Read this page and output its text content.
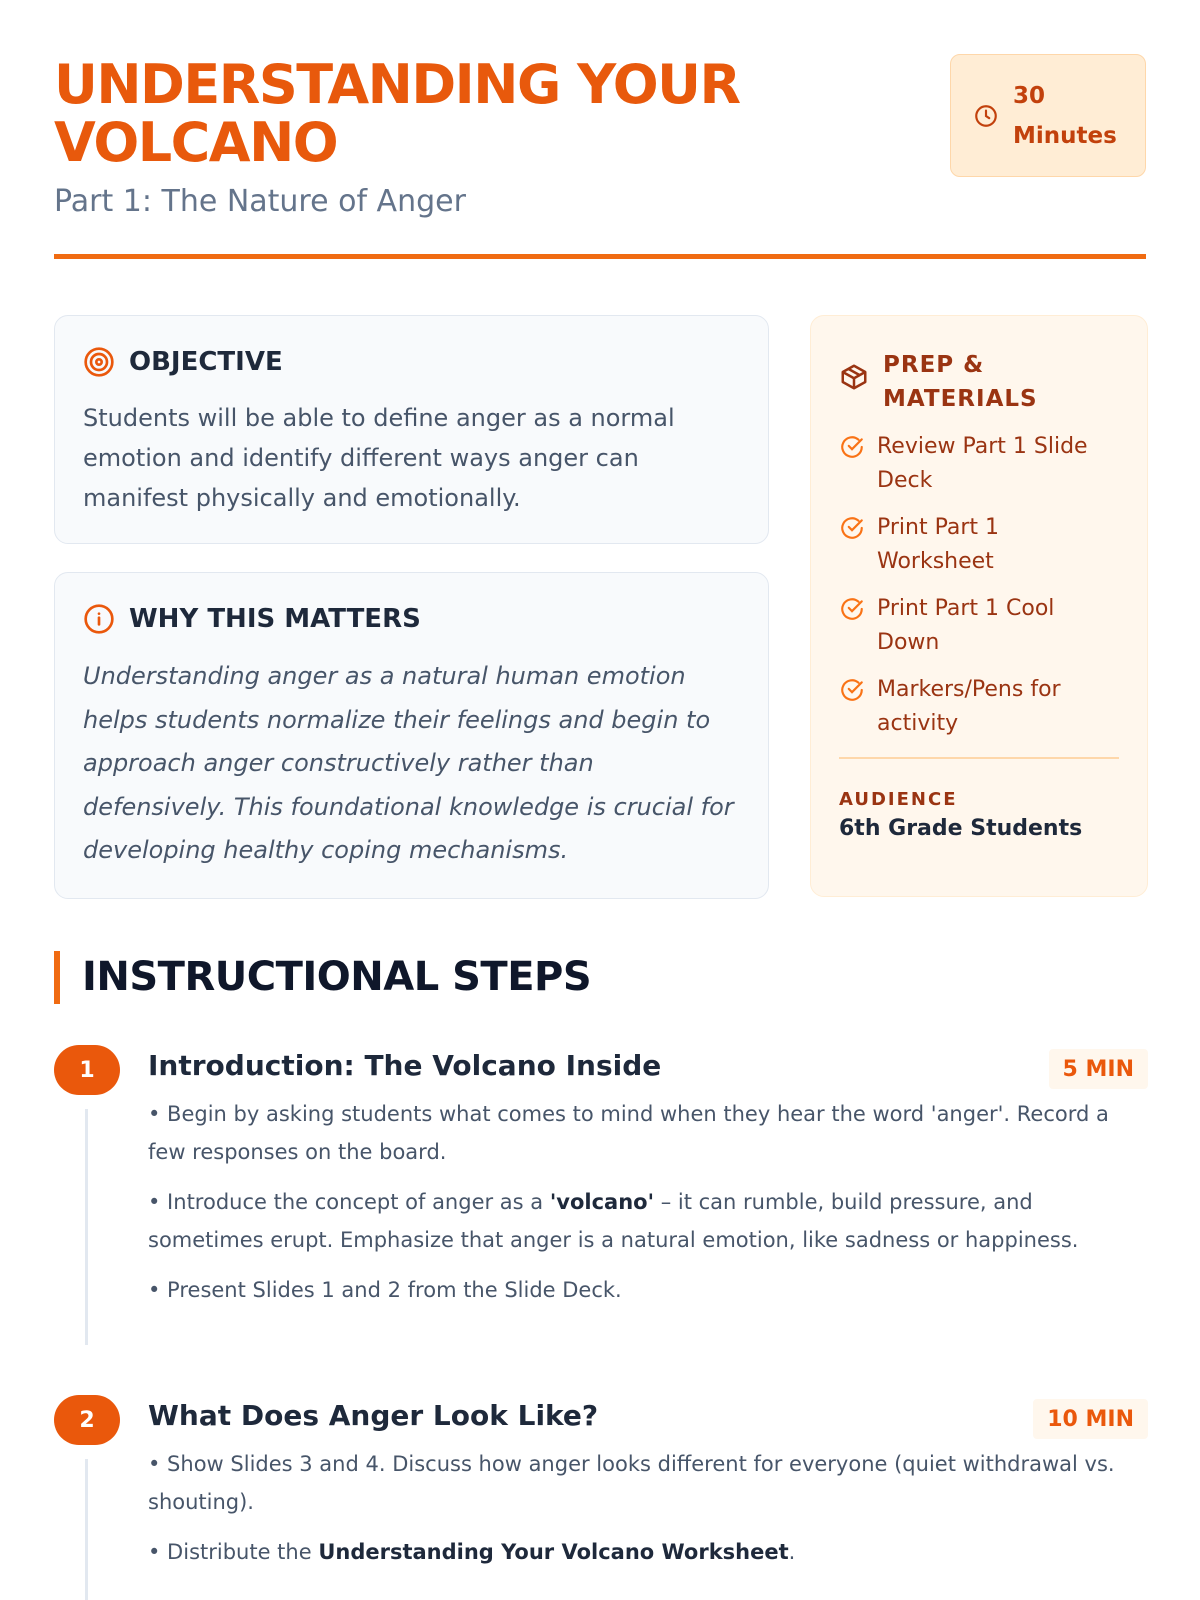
UNDERSTANDING YOUR VOLCANO
Part 1: The Nature of Anger
30
Minutes
OBJECTIVE
Students will be able to define anger as a normal emotion and identify different ways anger can manifest physically and emotionally.
WHY THIS MATTERS
Understanding anger as a natural human emotion helps students normalize their feelings and begin to approach anger constructively rather than defensively. This foundational knowledge is crucial for developing healthy coping mechanisms.
PREP & MATERIALS
Review Part 1 Slide Deck
Print Part 1 Worksheet
Print Part 1 Cool Down
Markers/Pens for activity
AUDIENCE
6th Grade Students
INSTRUCTIONAL STEPS
1	Introduction: The Volcano Inside	5 MIN

• Begin by asking students what comes to mind when they hear the word 'anger'. Record a few responses on the board.

• Introduce the concept of anger as a 'volcano' – it can rumble, build pressure, and sometimes erupt. Emphasize that anger is a natural emotion, like sadness or happiness.

• Present Slides 1 and 2 from the Slide Deck.

2	What Does Anger Look Like?	10 MIN

• Show Slides 3 and 4. Discuss how anger looks different for everyone (quiet withdrawal vs. shouting).

• Distribute the Understanding Your Volcano Worksheet.
